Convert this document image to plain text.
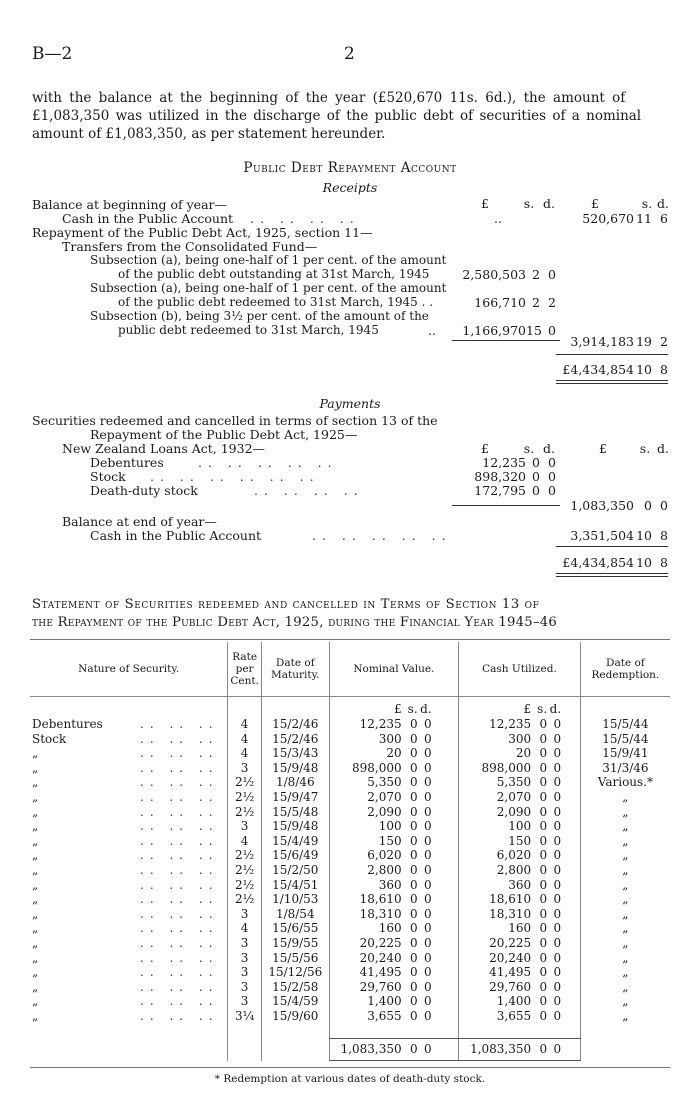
B—2	2
with the balance at the beginning of the year (£520,670 11s. 6d.), the amount of
£1,083,350 was utilized in the discharge of the public debt of securities of a nominal
amount of £1,083,350, as per statement hereunder.
Public Debt Repayment Account
Receipts
£	s. d.	£	s. d.
Balance at beginning of year—
Cash in the Public Account .. .. .. ..	..	520,670 11 6
Repayment of the Public Debt Act, 1925, section 11—
Transfers from the Consolidated Fund—
Subsection (a), being one-half of 1 per cent. of the amount
of the public debt outstanding at 31st March, 1945	2,580,503 2 0
Subsection (a), being one-half of 1 per cent. of the amount
of the public debt redeemed to 31st March, 1945 . .	166,710 2 2
Subsection (b), being 3½ per cent. of the amount of the
public debt redeemed to 31st March, 1945	..	1,166,970 15 0
3,914,183 19 2
£4,434,854 10 8
Payments
Securities redeemed and cancelled in terms of section 13 of the
Repayment of the Public Debt Act, 1925—
New Zealand Loans Act, 1932—	£	s. d.	£	s. d.
Debentures	.. .. .. .. ..	12,235 0 0
Stock .. .. .. .. .. ..	898,320 0 0
Death-duty stock	.. .. .. ..	172,795 0 0
1,083,350 0 0
Balance at end of year—
Cash in the Public Account	.. .. .. .. ..	3,351,504 10 8
£4,434,854 10 8
Statement of Securities redeemed and cancelled in Terms of Section 13 of
the Repayment of the Public Debt Act, 1925, during the Financial Year 1945–46
Nature of Security.	Rate per Cent.	Date of Maturity.	Nominal Value.	Cash Utilized.	Date of Redemption.
			£ s. d.	£ s. d.	
Debentures .. .. ..	4	15/2/46	12,235 0 0	12,235 0 0	15/5/44
Stock .. .. ..	4	15/2/46	300 0 0	300 0 0	15/5/44
„ .. .. ..	4	15/3/43	20 0 0	20 0 0	15/9/41
„ .. .. ..	3	15/9/48	898,000 0 0	898,000 0 0	31/3/46
„ .. .. ..	2½	1/8/46	5,350 0 0	5,350 0 0	Various.*
„ .. .. ..	2½	15/9/47	2,070 0 0	2,070 0 0	„
„ .. .. ..	2½	15/5/48	2,090 0 0	2,090 0 0	„
„ .. .. ..	3	15/9/48	100 0 0	100 0 0	„
„ .. .. ..	4	15/4/49	150 0 0	150 0 0	„
„ .. .. ..	2½	15/6/49	6,020 0 0	6,020 0 0	„
„ .. .. ..	2½	15/2/50	2,800 0 0	2,800 0 0	„
„ .. .. ..	2½	15/4/51	360 0 0	360 0 0	„
„ .. .. ..	2½	1/10/53	18,610 0 0	18,610 0 0	„
„ .. .. ..	3	1/8/54	18,310 0 0	18,310 0 0	„
„ .. .. ..	4	15/6/55	160 0 0	160 0 0	„
„ .. .. ..	3	15/9/55	20,225 0 0	20,225 0 0	„
„ .. .. ..	3	15/5/56	20,240 0 0	20,240 0 0	„
„ .. .. ..	3	15/12/56	41,495 0 0	41,495 0 0	„
„ .. .. ..	3	15/2/58	29,760 0 0	29,760 0 0	„
„ .. .. ..	3	15/4/59	1,400 0 0	1,400 0 0	„
„ .. .. ..	3¼	15/9/60	3,655 0 0	3,655 0 0	„

			1,083,350 0 0	1,083,350 0 0	
* Redemption at various dates of death-duty stock.
